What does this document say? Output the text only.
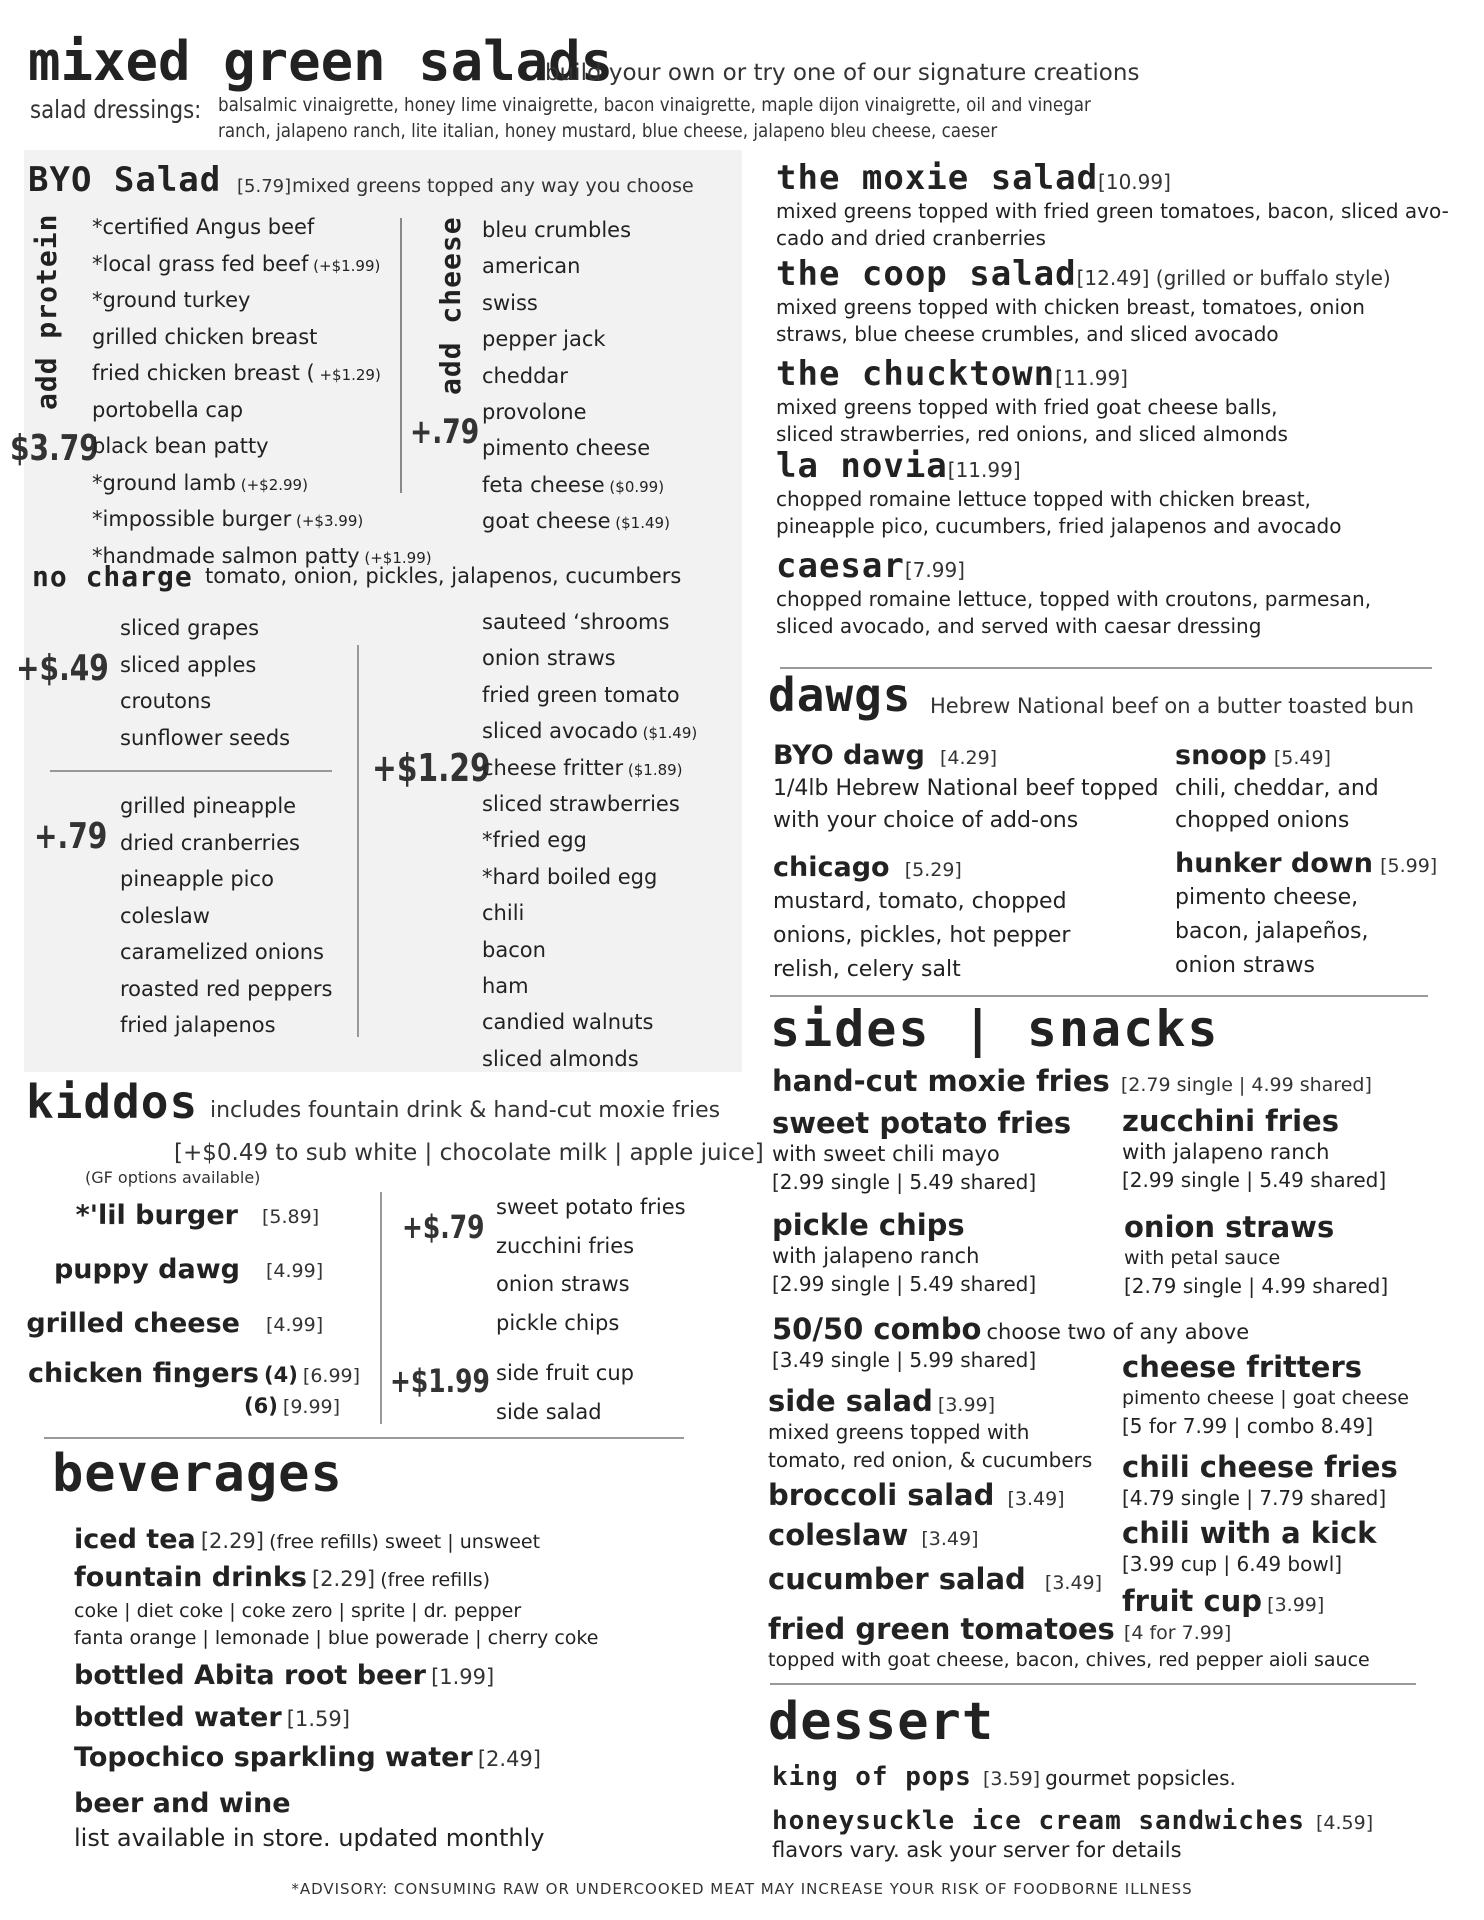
mixed green salads
build your own or try one of our signature creations
salad dressings: balsalmic vinaigrette, honey lime vinaigrette, bacon vinaigrette, maple dijon vinaigrette, oil and vinegar
ranch, jalapeno ranch, lite italian, honey mustard, blue cheese, jalapeno bleu cheese, caeser
BYO Salad [5.79] mixed greens topped any way you choose
add protein
$3.79
*certified Angus beef
*local grass fed beef (+$1.99)
*ground turkey
grilled chicken breast
fried chicken breast ( +$1.29)
portobella cap
black bean patty
*ground lamb (+$2.99)
*impossible burger (+$3.99)
*handmade salmon patty (+$1.99)
add cheese
+.79
bleu crumbles
american
swiss
pepper jack
cheddar
provolone
pimento cheese
feta cheese ($0.99)
goat cheese ($1.49)
no charge tomato, onion, pickles, jalapenos, cucumbers
+$.49
sliced grapes
sliced apples
croutons
sunflower seeds
+.79
grilled pineapple
dried cranberries
pineapple pico
coleslaw
caramelized onions
roasted red peppers
fried jalapenos
+$1.29
sauteed ‘shrooms
onion straws
fried green tomato
sliced avocado ($1.49)
cheese fritter ($1.89)
sliced strawberries
*fried egg
*hard boiled egg
chili
bacon
ham
candied walnuts
sliced almonds
the moxie salad[10.99]
mixed greens topped with fried green tomatoes, bacon, sliced avo-
cado and dried cranberries
the coop salad[12.49] (grilled or buffalo style)
mixed greens topped with chicken breast, tomatoes, onion
straws, blue cheese crumbles, and sliced avocado
the chucktown[11.99]
mixed greens topped with fried goat cheese balls,
sliced strawberries, red onions, and sliced almonds
la novia[11.99]
chopped romaine lettuce topped with chicken breast,
pineapple pico, cucumbers, fried jalapenos and avocado
caesar[7.99]
chopped romaine lettuce, topped with croutons, parmesan,
sliced avocado, and served with caesar dressing
dawgs Hebrew National beef on a butter toasted bun
BYO dawg [4.29]
1/4lb Hebrew National beef topped
with your choice of add-ons
chicago [5.29]
mustard, tomato, chopped
onions, pickles, hot pepper
relish, celery salt
snoop [5.49]
chili, cheddar, and
chopped onions
hunker down [5.99]
pimento cheese,
bacon, jalapeños,
onion straws
sides | snacks
hand-cut moxie fries [2.79 single | 4.99 shared]
sweet potato fries
with sweet chili mayo
[2.99 single | 5.49 shared]
pickle chips
with jalapeno ranch
[2.99 single | 5.49 shared]
50/50 combo choose two of any above
[3.49 single | 5.99 shared]
side salad [3.99]
mixed greens topped with
tomato, red onion, & cucumbers
broccoli salad [3.49]
coleslaw [3.49]
cucumber salad [3.49]
fried green tomatoes [4 for 7.99]
topped with goat cheese, bacon, chives, red pepper aioli sauce
zucchini fries
with jalapeno ranch
[2.99 single | 5.49 shared]
onion straws
with petal sauce
[2.79 single | 4.99 shared]
cheese fritters
pimento cheese | goat cheese
[5 for 7.99 | combo 8.49]
chili cheese fries
[4.79 single | 7.79 shared]
chili with a kick
[3.99 cup | 6.49 bowl]
fruit cup [3.99]
dessert
king of pops [3.59] gourmet popsicles.
honeysuckle ice cream sandwiches [4.59]
flavors vary. ask your server for details
kiddos includes fountain drink & hand-cut moxie fries
[+$0.49 to sub white | chocolate milk | apple juice]
(GF options available)
*'lil burger [5.89]
puppy dawg [4.99]
grilled cheese [4.99]
chicken fingers (4) [6.99]
(6) [9.99]
+$.79
sweet potato fries
zucchini fries
onion straws
pickle chips
+$1.99 side fruit cup
side salad
beverages
iced tea [2.29] (free refills) sweet | unsweet
fountain drinks [2.29] (free refills)
coke | diet coke | coke zero | sprite | dr. pepper
fanta orange | lemonade | blue powerade | cherry coke
bottled Abita root beer [1.99]
bottled water [1.59]
Topochico sparkling water [2.49]
beer and wine
list available in store. updated monthly
*ADVISORY: CONSUMING RAW OR UNDERCOOKED MEAT MAY INCREASE YOUR RISK OF FOODBORNE ILLNESS
